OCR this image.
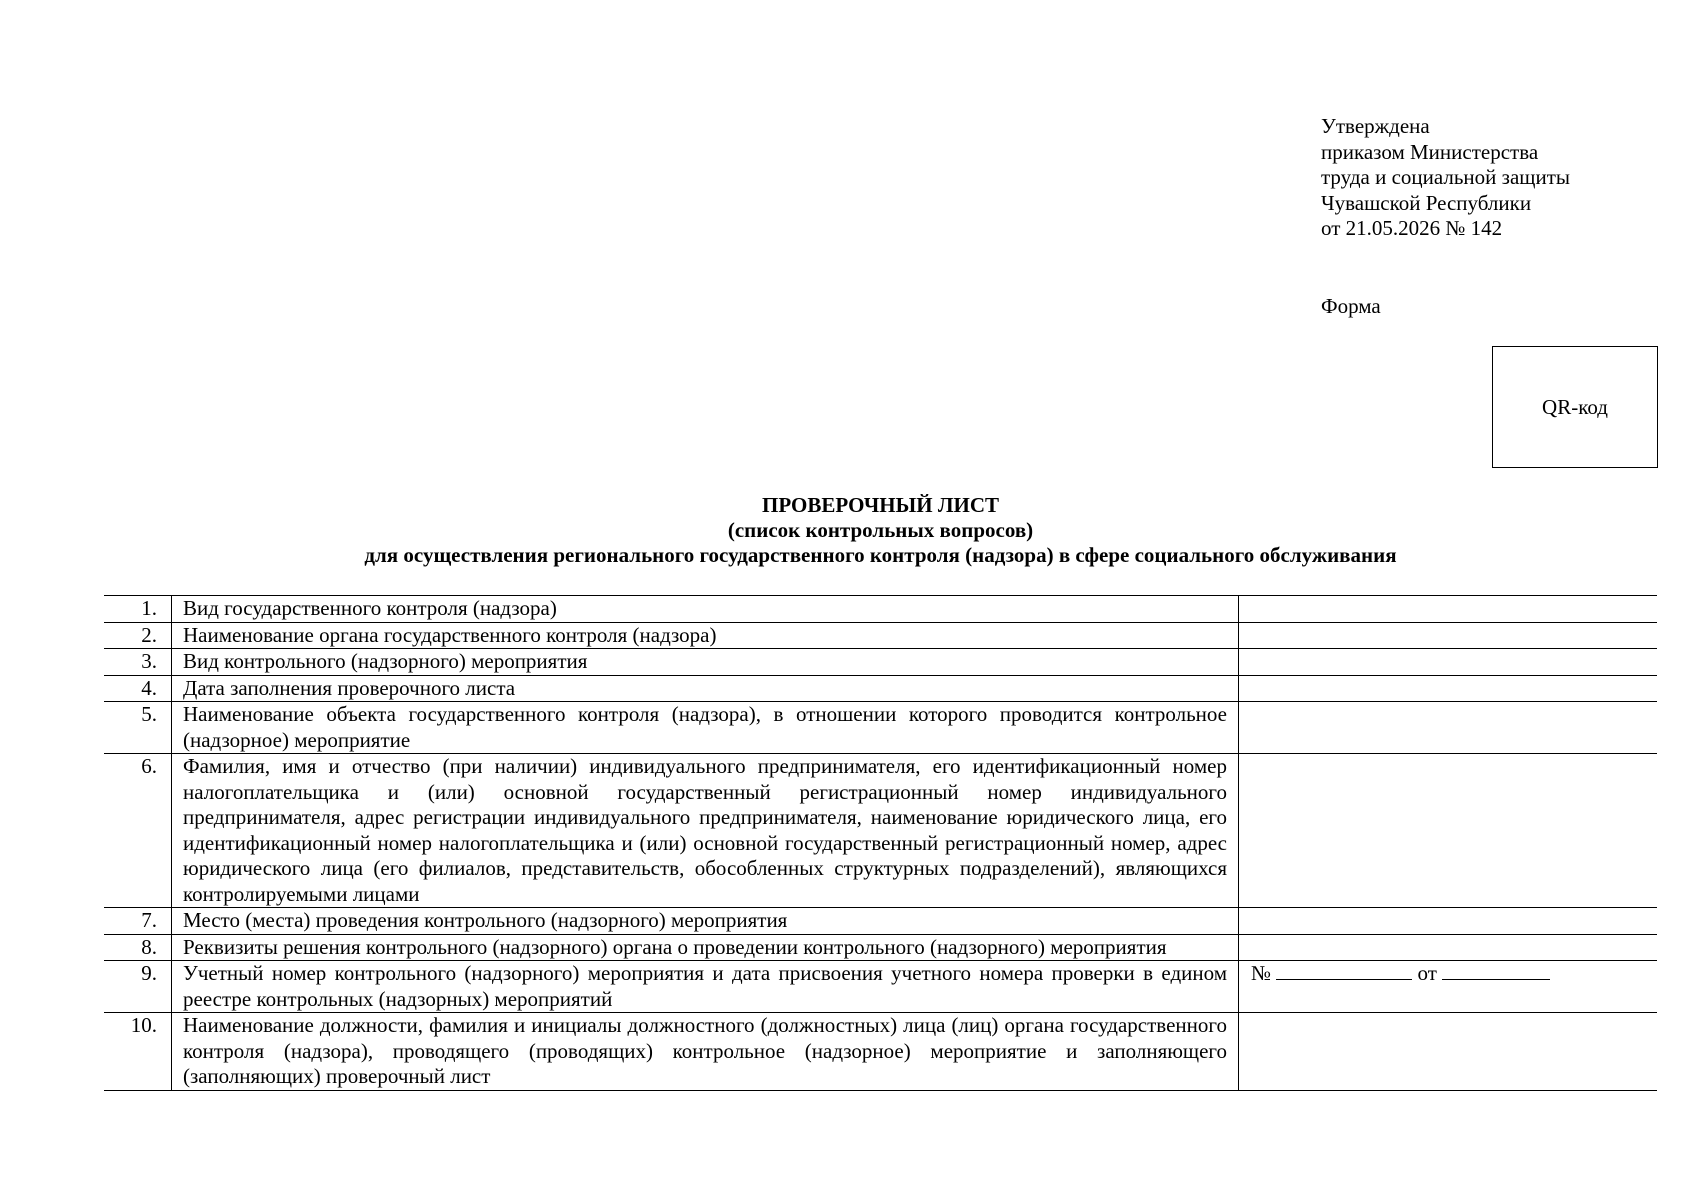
Утверждена
приказом Министерства
труда и социальной защиты
Чувашской Республики
от 21.05.2026 № 142
Форма
QR-код
ПРОВЕРОЧНЫЙ ЛИСТ
(список контрольных вопросов)
для осуществления регионального государственного контроля (надзора) в сфере социального обслуживания
1.	Вид государственного контроля (надзора)	
2.	Наименование органа государственного контроля (надзора)	
3.	Вид контрольного (надзорного) мероприятия	
4.	Дата заполнения проверочного листа	
5.	Наименование объекта государственного контроля (надзора), в отношении которого проводится контрольное (надзорное) мероприятие	
6.	Фамилия, имя и отчество (при наличии) индивидуального предпринимателя, его идентификационный номер налогоплательщика и (или) основной государственный регистрационный номер индивидуального предпринимателя, адрес регистрации индивидуального предпринимателя, наименование юридического лица, его идентификационный номер налогоплательщика и (или) основной государственный регистрационный номер, адрес юридического лица (его филиалов, представительств, обособленных структурных подразделений), являющихся контролируемыми лицами	
7.	Место (места) проведения контрольного (надзорного) мероприятия	
8.	Реквизиты решения контрольного (надзорного) органа о проведении контрольного (надзорного) мероприятия	
9.	Учетный номер контрольного (надзорного) мероприятия и дата присвоения учетного номера проверки в едином реестре контрольных (надзорных) мероприятий	№ от
10.	Наименование должности, фамилия и инициалы должностного (должностных) лица (лиц) органа государственного контроля (надзора), проводящего (проводящих) контрольное (надзорное) мероприятие и заполняющего (заполняющих) проверочный лист	
